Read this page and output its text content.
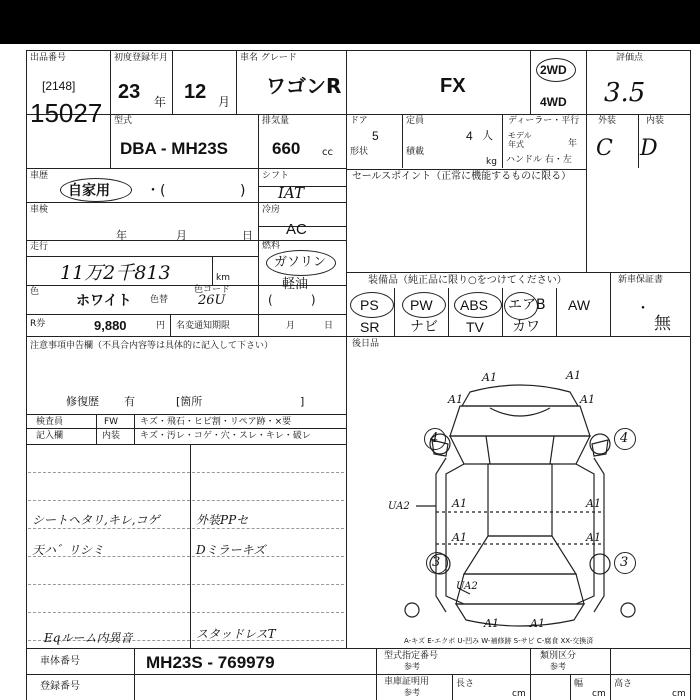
出品番号
[2148]
15027
初度登録年月
23 年 12 月
車名 グレード
ワゴンR	FX
2WD
4WD
評価点
3.5
型式
DBA - MH23S
排気量
660 cc
ドア
5
定員
4 人
形状	積載
kg
ディーラー・平行
モデル
年式	年
ハンドル 右・左
外装
C
内装
D
車歴
自家用	・(	)
シフト
IAT
セールスポイント（正常に機能するものに限る）
車検
年	月	日
冷房
AC
走行
11万2千813	km
燃料
ガソリン
軽油	装備品（純正品に限り○をつけてください）	新車保証書
色
ホワイト 色替
色コード
26U	(          )	PS PW ABS エアB AW
SR ナビ TV カワ
・
無
R券	9,880	円 名変通知期限	月	日
注意事項申告欄（不具合内容等は具体的に記入して下さい）	後日品
修復歴 有	[箇所	]
検査員
記入欄
FW キズ・飛石・ヒビ割・リペア跡・×要
内装 キズ・汚レ・コゲ・穴・スレ・キレ・破レ
シートヘタリ,キレ,コゲ	外装PPセ
天ハ゛リシミ	Dミラーキズ
Eqルーム内異音	スタッドレスT
A1	A1
A1	A1
A1	A1
UA2
A1	A1
UA2
A1	A1
4	4
3	3
A-キズ E-エクボ U-凹み W-補修跡 S-サビ C-腐食 XX-交換済
車体番号	MH23S - 769979
登録番号
型式指定番号
参考
類別区分
参考
車庫証明用
参考
長さ
cm
幅
cm
高さ
cm
